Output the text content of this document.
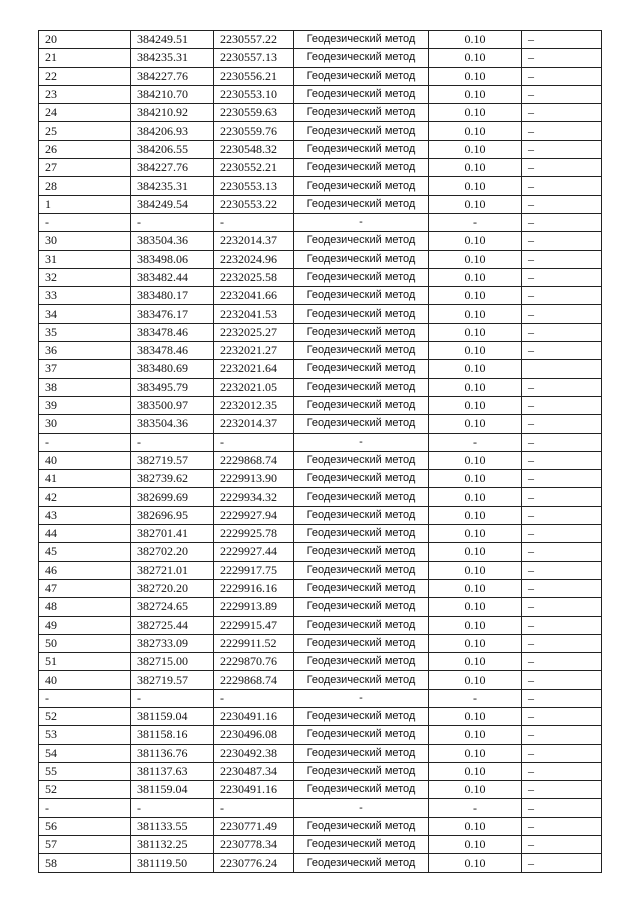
20	384249.51	2230557.22	Геодезический метод	0.10	–
21	384235.31	2230557.13	Геодезический метод	0.10	–
22	384227.76	2230556.21	Геодезический метод	0.10	–
23	384210.70	2230553.10	Геодезический метод	0.10	–
24	384210.92	2230559.63	Геодезический метод	0.10	–
25	384206.93	2230559.76	Геодезический метод	0.10	–
26	384206.55	2230548.32	Геодезический метод	0.10	–
27	384227.76	2230552.21	Геодезический метод	0.10	–
28	384235.31	2230553.13	Геодезический метод	0.10	–
1	384249.54	2230553.22	Геодезический метод	0.10	–
-	-	-	-	-	–
30	383504.36	2232014.37	Геодезический метод	0.10	–
31	383498.06	2232024.96	Геодезический метод	0.10	–
32	383482.44	2232025.58	Геодезический метод	0.10	–
33	383480.17	2232041.66	Геодезический метод	0.10	–
34	383476.17	2232041.53	Геодезический метод	0.10	–
35	383478.46	2232025.27	Геодезический метод	0.10	–
36	383478.46	2232021.27	Геодезический метод	0.10	–
37	383480.69	2232021.64	Геодезический метод	0.10	
38	383495.79	2232021.05	Геодезический метод	0.10	–
39	383500.97	2232012.35	Геодезический метод	0.10	–
30	383504.36	2232014.37	Геодезический метод	0.10	–
-	-	-	-	-	–
40	382719.57	2229868.74	Геодезический метод	0.10	–
41	382739.62	2229913.90	Геодезический метод	0.10	–
42	382699.69	2229934.32	Геодезический метод	0.10	–
43	382696.95	2229927.94	Геодезический метод	0.10	–
44	382701.41	2229925.78	Геодезический метод	0.10	–
45	382702.20	2229927.44	Геодезический метод	0.10	–
46	382721.01	2229917.75	Геодезический метод	0.10	–
47	382720.20	2229916.16	Геодезический метод	0.10	–
48	382724.65	2229913.89	Геодезический метод	0.10	–
49	382725.44	2229915.47	Геодезический метод	0.10	–
50	382733.09	2229911.52	Геодезический метод	0.10	–
51	382715.00	2229870.76	Геодезический метод	0.10	–
40	382719.57	2229868.74	Геодезический метод	0.10	–
-	-	-	-	-	–
52	381159.04	2230491.16	Геодезический метод	0.10	–
53	381158.16	2230496.08	Геодезический метод	0.10	–
54	381136.76	2230492.38	Геодезический метод	0.10	–
55	381137.63	2230487.34	Геодезический метод	0.10	–
52	381159.04	2230491.16	Геодезический метод	0.10	–
-	-	-	-	-	–
56	381133.55	2230771.49	Геодезический метод	0.10	–
57	381132.25	2230778.34	Геодезический метод	0.10	–
58	381119.50	2230776.24	Геодезический метод	0.10	–
